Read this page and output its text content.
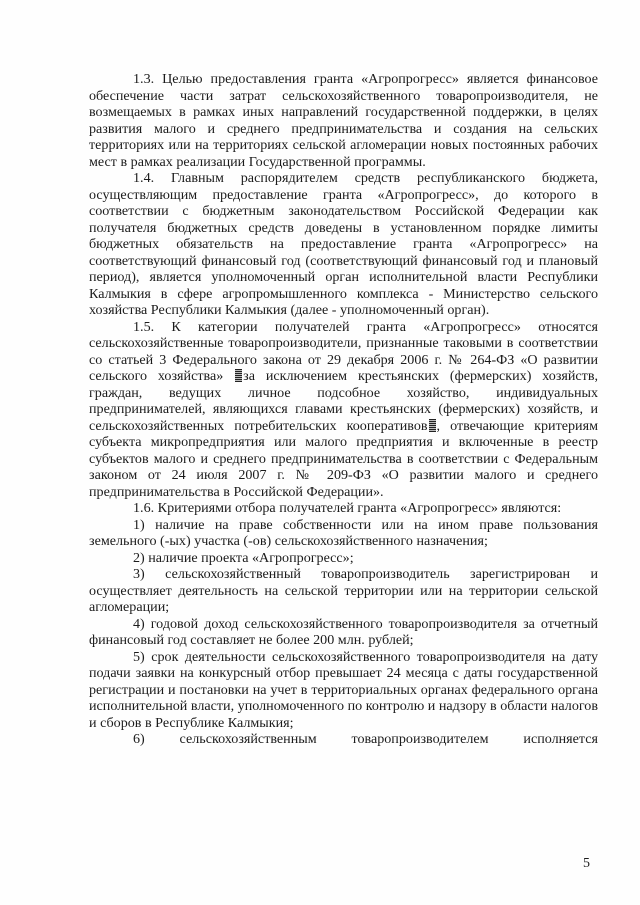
1.3. Целью предоставления гранта «Агропрогресс» является финансовое обеспечение части затрат сельскохозяйственного товаропроизводителя, не возмещаемых в рамках иных направлений государственной поддержки, в целях развития малого и среднего предпринимательства и создания на сельских территориях или на территориях сельской агломерации новых постоянных рабочих мест в рамках реализации Государственной программы.

1.4. Главным распорядителем средств республиканского бюджета, осуществляющим предоставление гранта «Агропрогресс», до которого в соответствии с бюджетным законодательством Российской Федерации как получателя бюджетных средств доведены в установленном порядке лимиты бюджетных обязательств на предоставление гранта «Агропрогресс» на соответствующий финансовый год (соответствующий финансовый год и плановый период), является уполномоченный орган исполнительной власти Республики Калмыкия в сфере агропромышленного комплекса - Министерство сельского хозяйства Республики Калмыкия (далее - уполномоченный орган).

1.5. К категории получателей гранта «Агропрогресс» относятся сельскохозяйственные товаропроизводители, признанные таковыми в соответствии со статьей 3 Федерального закона от 29 декабря 2006 г. № 264-ФЗ «О развитии сельского хозяйства» за исключением крестьянских (фермерских) хозяйств, граждан, ведущих личное подсобное хозяйство, индивидуальных предпринимателей, являющихся главами крестьянских (фермерских) хозяйств, и сельскохозяйственных потребительских кооперативов , отвечающие критериям субъекта микропредприятия или малого предприятия и включенные в реестр субъектов малого и среднего предпринимательства в соответствии с Федеральным законом от 24 июля 2007 г. № 209-ФЗ «О развитии малого и среднего предпринимательства в Российской Федерации».

1.6. Критериями отбора получателей гранта «Агропрогресс» являются:

1) наличие на праве собственности или на ином праве пользования земельного (-ых) участка (-ов) сельскохозяйственного назначения;

2) наличие проекта «Агропрогресс»;

3) сельскохозяйственный товаропроизводитель зарегистрирован и осуществляет деятельность на сельской территории или на территории сельской агломерации;

4) годовой доход сельскохозяйственного товаропроизводителя за отчетный финансовый год составляет не более 200 млн. рублей;

5) срок деятельности сельскохозяйственного товаропроизводителя на дату подачи заявки на конкурсный отбор превышает 24 месяца с даты государственной регистрации и постановки на учет в территориальных органах федерального органа исполнительной власти, уполномоченного по контролю и надзору в области налогов и сборов в Республике Калмыкия;

6) сельскохозяйственным товаропроизводителем исполняется

5
